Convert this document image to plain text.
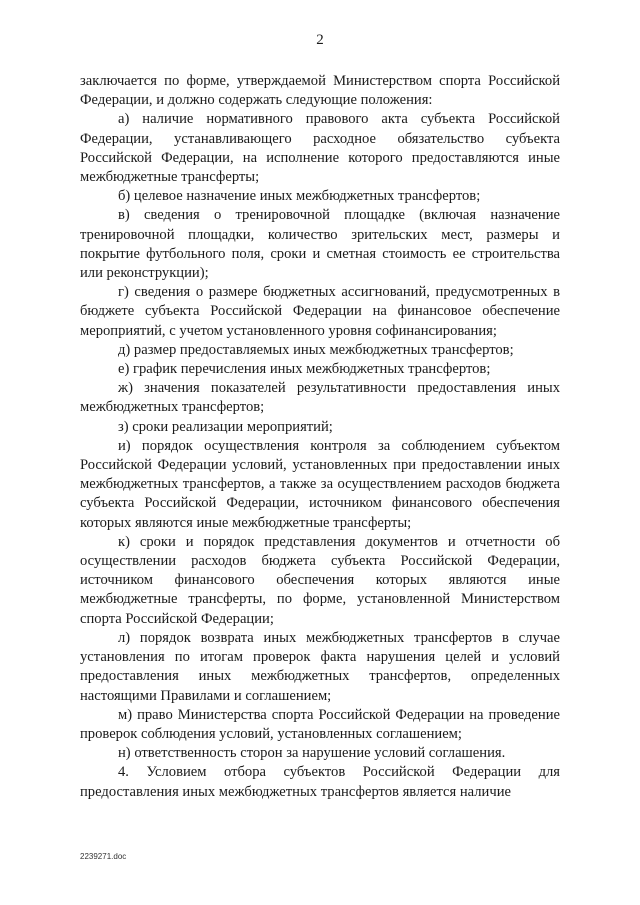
2

заключается по форме, утверждаемой Министерством спорта Российской Федерации, и должно содержать следующие положения:

а) наличие нормативного правового акта субъекта Российской Федерации, устанавливающего расходное обязательство субъекта Российской Федерации, на исполнение которого предоставляются иные межбюджетные трансферты;

б) целевое назначение иных межбюджетных трансфертов;

в) сведения о тренировочной площадке (включая назначение тренировочной площадки, количество зрительских мест, размеры и покрытие футбольного поля, сроки и сметная стоимость ее строительства или реконструкции);

г) сведения о размере бюджетных ассигнований, предусмотренных в бюджете субъекта Российской Федерации на финансовое обеспечение мероприятий, с учетом установленного уровня софинансирования;

д) размер предоставляемых иных межбюджетных трансфертов;

е) график перечисления иных межбюджетных трансфертов;

ж) значения показателей результативности предоставления иных межбюджетных трансфертов;

з) сроки реализации мероприятий;

и) порядок осуществления контроля за соблюдением субъектом Российской Федерации условий, установленных при предоставлении иных межбюджетных трансфертов, а также за осуществлением расходов бюджета субъекта Российской Федерации, источником финансового обеспечения которых являются иные межбюджетные трансферты;

к) сроки и порядок представления документов и отчетности об осуществлении расходов бюджета субъекта Российской Федерации, источником финансового обеспечения которых являются иные межбюджетные трансферты, по форме, установленной Министерством спорта Российской Федерации;

л) порядок возврата иных межбюджетных трансфертов в случае установления по итогам проверок факта нарушения целей и условий предоставления иных межбюджетных трансфертов, определенных настоящими Правилами и соглашением;

м) право Министерства спорта Российской Федерации на проведение проверок соблюдения условий, установленных соглашением;

н) ответственность сторон за нарушение условий соглашения.

4. Условием отбора субъектов Российской Федерации для предоставления иных межбюджетных трансфертов является наличие

2239271.doc
